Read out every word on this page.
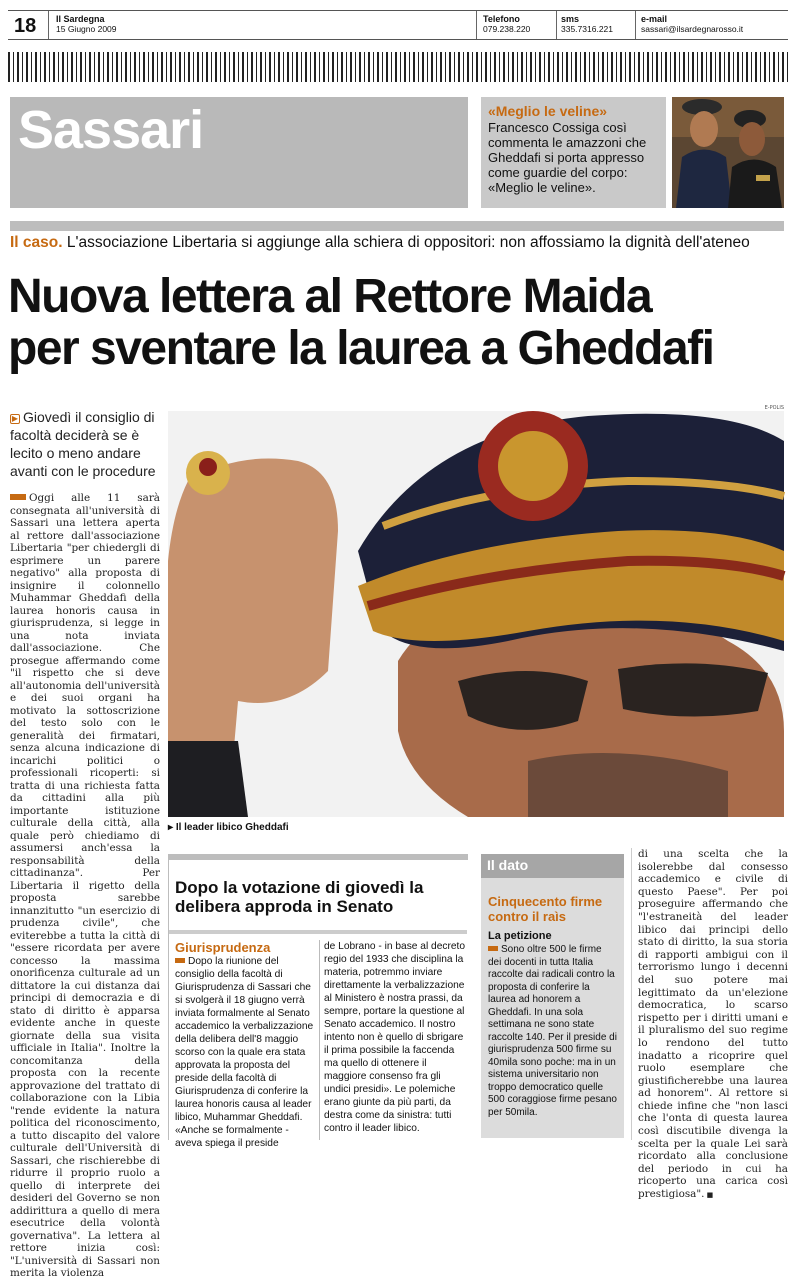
18 Il Sardegna
15 Giugno 2009
Telefono
079.238.220
sms
335.7316.221
e-mail
sassari@ilsardegnarosso.it
Sassari	«Meglio le veline»
Francesco Cossiga così commenta le amazzoni che Gheddafi si porta appresso come guardie del corpo: «Meglio le veline».
Il caso. L'associazione Libertaria si aggiunge alla schiera di oppositori: non affossiamo la dignità dell'ateneo
Nuova lettera al Rettore Maida
per sventare la laurea a Gheddafi
E-POLIS
▶ Giovedì il consiglio di facoltà deciderà se è lecito o meno andare avanti con le procedure
Oggi alle 11 sarà consegnata all'università di Sassari una lettera aperta al rettore dall'associazione Libertaria "per chiedergli di esprimere un parere negativo" alla proposta di insignire il colonnello Muhammar Gheddafi della laurea honoris causa in giurisprudenza, si legge in una nota inviata dall'associazione. Che prosegue affermando come "il rispetto che si deve all'autonomia dell'università e dei suoi organi ha motivato la sottoscrizione del testo solo con le generalità dei firmatari, senza alcuna indicazione di incarichi politici o professionali ricoperti: si tratta di una richiesta fatta da cittadini alla più importante istituzione culturale della città, alla quale però chiediamo di assumersi anch'essa la responsabilità della cittadinanza". Per Libertaria il rigetto della proposta sarebbe innanzitutto "un esercizio di prudenza civile", che eviterebbe a tutta la città di "essere ricordata per avere concesso la massima onorificenza culturale ad un dittatore la cui distanza dai principi di democrazia e di stato di diritto è apparsa evidente anche in queste giornate della sua visita ufficiale in Italia". Inoltre la concomitanza della proposta con la recente approvazione del trattato di collaborazione con la Libia "rende evidente la natura politica del riconoscimento, a tutto discapito del valore culturale dell'Università di Sassari, che rischierebbe di ridurre il proprio ruolo a quello di interprete dei desideri del Governo se non addirittura a quello di mera esecutrice della volontà governativa". La lettera al rettore inizia così: "L'università di Sassari non merita la violenza
▸ Il leader libico Gheddafi
Dopo la votazione di giovedì la delibera approda in Senato
Giurisprudenza
Dopo la riunione del consiglio della facoltà di Giurisprudenza di Sassari che si svolgerà il 18 giugno verrà inviata formalmente al Senato accademico la verbalizzazione della delibera dell'8 maggio scorso con la quale era stata approvata la proposta del preside della facoltà di Giurisprudenza di conferire la laurea honoris causa al leader libico, Muhammar Gheddafi. «Anche se formalmente - aveva spiega il preside
de Lobrano - in base al decreto regio del 1933 che disciplina la materia, potremmo inviare direttamente la verbalizzazione al Ministero è nostra prassi, da sempre, portare la questione al Senato accademico. Il nostro intento non è quello di sbrigare il prima possibile la faccenda ma quello di ottenere il maggiore consenso fra gli undici presidi». Le polemiche erano giunte da più parti, da destra come da sinistra: tutti contro il leader libico.
Il dato
Cinquecento firme contro il raìs
La petizione
Sono oltre 500 le firme dei docenti in tutta Italia raccolte dai radicali contro la proposta di conferire la laurea ad honorem a Gheddafi. In una sola settimana ne sono state raccolte 140. Per il preside di giurisprudenza 500 firme su 40mila sono poche: ma in un sistema universitario non troppo democratico quelle 500 coraggiose firme pesano per 50mila.
di una scelta che la isolerebbe dal consesso accademico e civile di questo Paese". Per poi proseguire affermando che "l'estraneità del leader libico dai principi dello stato di diritto, la sua storia di rapporti ambigui con il terrorismo lungo i decenni del suo potere mai legittimato da un'elezione democratica, lo scarso rispetto per i diritti umani e il pluralismo del suo regime lo rendono del tutto inadatto a ricoprire quel ruolo esemplare che giustificherebbe una laurea ad honorem". Al rettore si chiede infine che "non lasci che l'onta di questa laurea così discutibile divenga la scelta per la quale Lei sarà ricordato alla conclusione del periodo in cui ha ricoperto una carica così prestigiosa". ■
